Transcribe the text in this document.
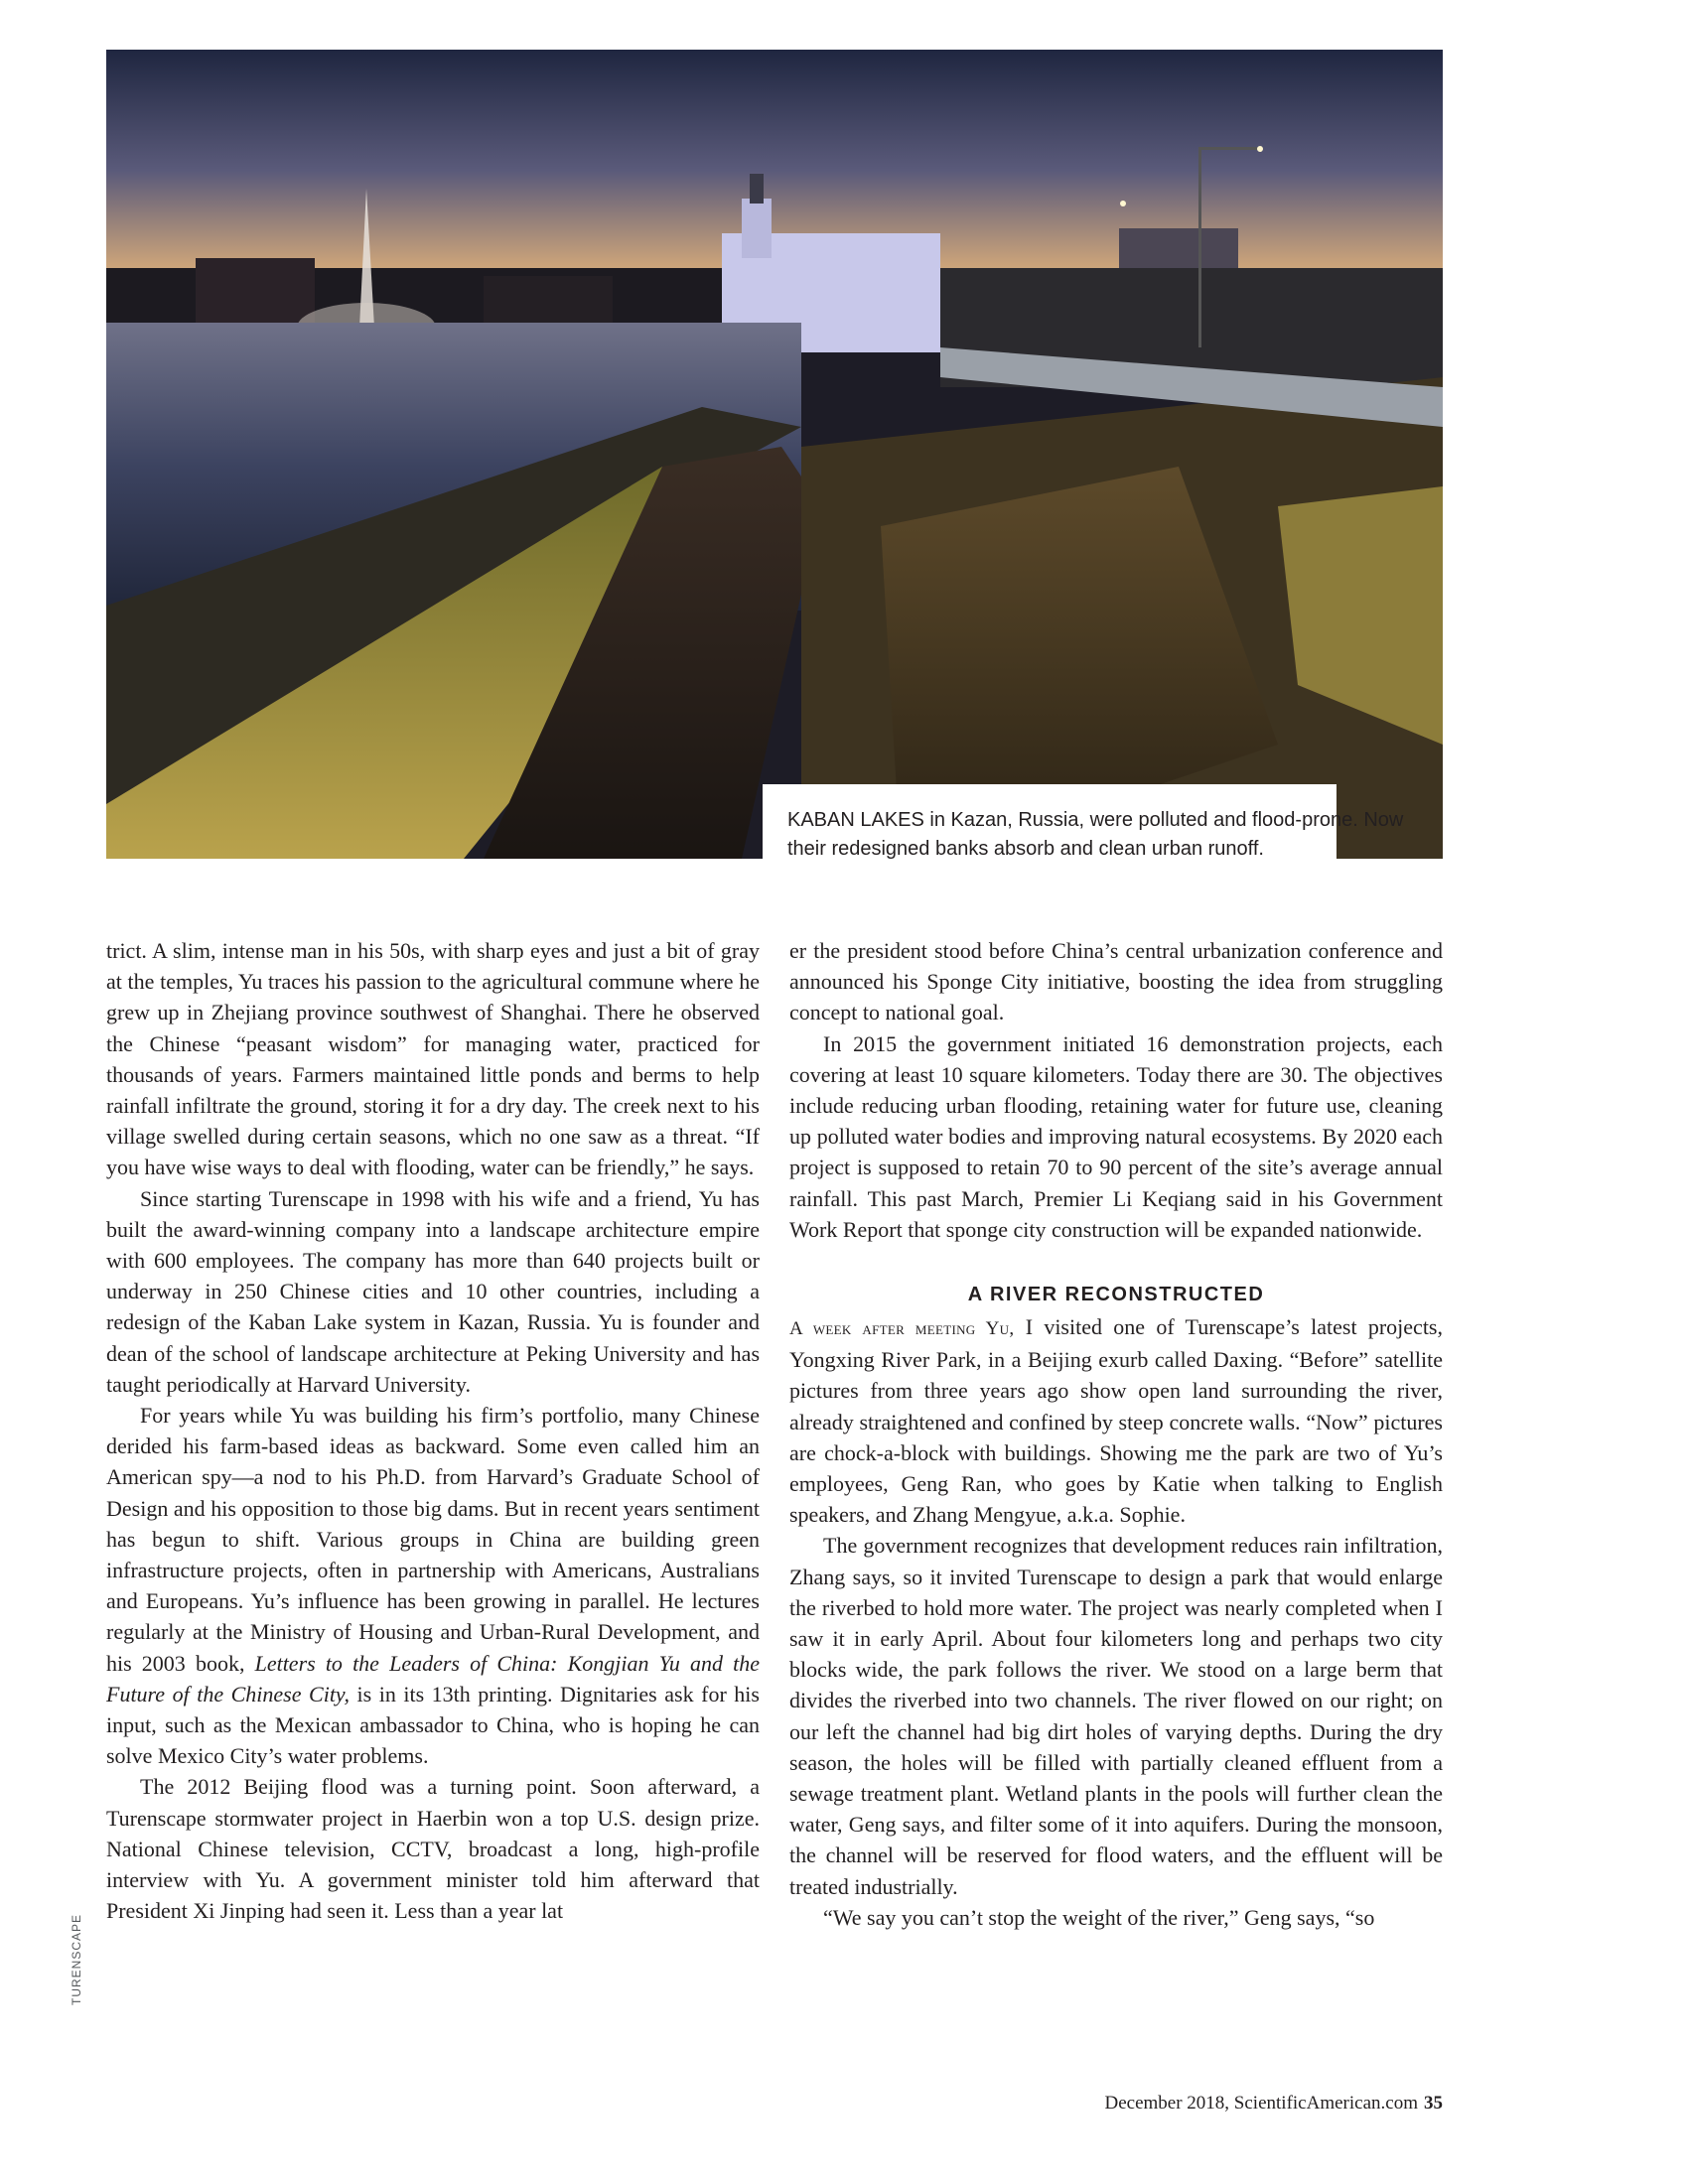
KABAN LAKES in Kazan, Russia, were polluted and flood-prone. Now their redesigned banks absorb and clean urban runoff.
TURENSCAPE

trict. A slim, intense man in his 50s, with sharp eyes and just a bit of gray at the temples, Yu traces his passion to the agricultural commune where he grew up in Zhejiang province southwest of Shanghai. There he observed the Chinese “peasant wisdom” for managing water, practiced for thousands of years. Farmers maintained little ponds and berms to help rainfall infiltrate the ground, storing it for a dry day. The creek next to his village swelled during certain seasons, which no one saw as a threat. “If you have wise ways to deal with flooding, water can be friendly,” he says.

Since starting Turenscape in 1998 with his wife and a friend, Yu has built the award-winning company into a landscape architecture empire with 600 employees. The company has more than 640 projects built or underway in 250 Chinese cities and 10 other countries, including a redesign of the Kaban Lake system in Kazan, Russia. Yu is founder and dean of the school of landscape architecture at Peking University and has taught periodically at Harvard University.

For years while Yu was building his firm’s portfolio, many Chinese derided his farm-based ideas as backward. Some even called him an American spy—a nod to his Ph.D. from Harvard’s Graduate School of Design and his opposition to those big dams. But in recent years sentiment has begun to shift. Various groups in China are building green infrastructure projects, often in partnership with Americans, Australians and Europeans. Yu’s influence has been growing in parallel. He lectures regularly at the Ministry of Housing and Urban-Rural Development, and his 2003 book, Letters to the Leaders of China: Kongjian Yu and the Future of the Chinese City, is in its 13th printing. Dignitaries ask for his input, such as the Mexican ambassador to China, who is hoping he can solve Mexico City’s water problems.

The 2012 Beijing flood was a turning point. Soon afterward, a Turenscape stormwater project in Haerbin won a top U.S. design prize. National Chinese television, CCTV, broadcast a long, high-profile interview with Yu. A government minister told him afterward that President Xi Jinping had seen it. Less than a year lat

er the president stood before China’s central urbanization conference and announced his Sponge City initiative, boosting the idea from struggling concept to national goal.

In 2015 the government initiated 16 demonstration projects, each covering at least 10 square kilometers. Today there are 30. The objectives include reducing urban flooding, retaining water for future use, cleaning up polluted water bodies and improving natural ecosystems. By 2020 each project is supposed to retain 70 to 90 percent of the site’s average annual rainfall. This past March, Premier Li Keqiang said in his Government Work Report that sponge city construction will be expanded nationwide.

A RIVER RECONSTRUCTED

A week after meeting Yu, I visited one of Turenscape’s latest projects, Yongxing River Park, in a Beijing exurb called Daxing. “Before” satellite pictures from three years ago show open land surrounding the river, already straightened and confined by steep concrete walls. “Now” pictures are chock-a-block with buildings. Showing me the park are two of Yu’s employees, Geng Ran, who goes by Katie when talking to English speakers, and Zhang Mengyue, a.k.a. Sophie.

The government recognizes that development reduces rain infiltration, Zhang says, so it invited Turenscape to design a park that would enlarge the riverbed to hold more water. The project was nearly completed when I saw it in early April. About four kilometers long and perhaps two city blocks wide, the park follows the river. We stood on a large berm that divides the riverbed into two channels. The river flowed on our right; on our left the channel had big dirt holes of varying depths. During the dry season, the holes will be filled with partially cleaned effluent from a sewage treatment plant. Wetland plants in the pools will further clean the water, Geng says, and filter some of it into aquifers. During the monsoon, the channel will be reserved for flood waters, and the effluent will be treated industrially.

“We say you can’t stop the weight of the river,” Geng says, “so

December 2018, ScientificAmerican.com 35
